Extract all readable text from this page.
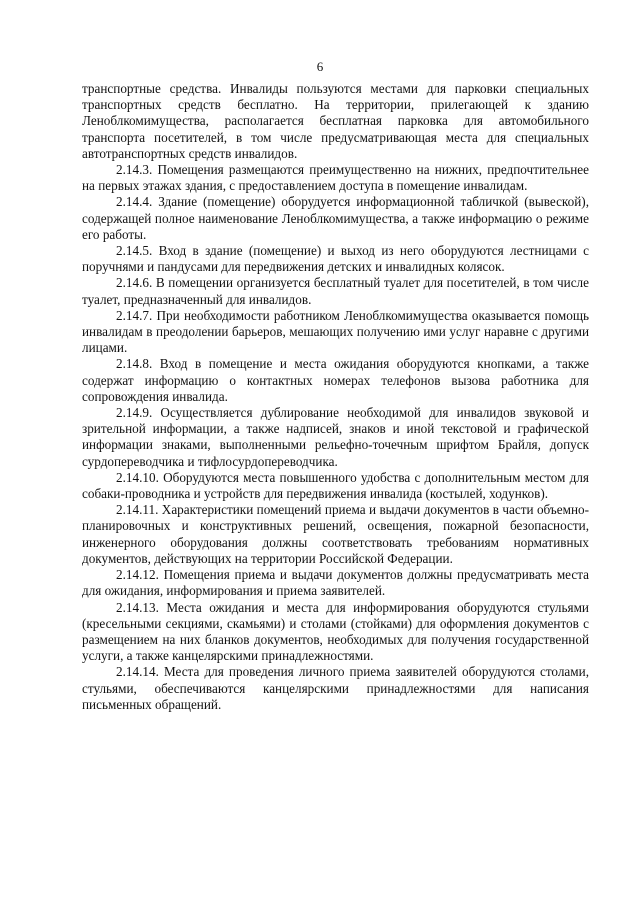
6

транспортные средства. Инвалиды пользуются местами для парковки специальных транспортных средств бесплатно. На территории, прилегающей к зданию Леноблкомимущества, располагается бесплатная парковка для автомобильного транспорта посетителей, в том числе предусматривающая места для специальных автотранспортных средств инвалидов.

2.14.3. Помещения размещаются преимущественно на нижних, предпочтительнее на первых этажах здания, с предоставлением доступа в помещение инвалидам.

2.14.4. Здание (помещение) оборудуется информационной табличкой (вывеской), содержащей полное наименование Леноблкомимущества, а также информацию о режиме его работы.

2.14.5. Вход в здание (помещение) и выход из него оборудуются лестницами с поручнями и пандусами для передвижения детских и инвалидных колясок.

2.14.6. В помещении организуется бесплатный туалет для посетителей, в том числе туалет, предназначенный для инвалидов.

2.14.7. При необходимости работником Леноблкомимущества оказывается помощь инвалидам в преодолении барьеров, мешающих получению ими услуг наравне с другими лицами.

2.14.8. Вход в помещение и места ожидания оборудуются кнопками, а также содержат информацию о контактных номерах телефонов вызова работника для сопровождения инвалида.

2.14.9. Осуществляется дублирование необходимой для инвалидов звуковой и зрительной информации, а также надписей, знаков и иной текстовой и графической информации знаками, выполненными рельефно-точечным шрифтом Брайля, допуск сурдопереводчика и тифлосурдопереводчика.

2.14.10. Оборудуются места повышенного удобства с дополнительным местом для собаки-проводника и устройств для передвижения инвалида (костылей, ходунков).

2.14.11. Характеристики помещений приема и выдачи документов в части объемно-планировочных и конструктивных решений, освещения, пожарной безопасности, инженерного оборудования должны соответствовать требованиям нормативных документов, действующих на территории Российской Федерации.

2.14.12. Помещения приема и выдачи документов должны предусматривать места для ожидания, информирования и приема заявителей.

2.14.13. Места ожидания и места для информирования оборудуются стульями (кресельными секциями, скамьями) и столами (стойками) для оформления документов с размещением на них бланков документов, необходимых для получения государственной услуги, а также канцелярскими принадлежностями.

2.14.14. Места для проведения личного приема заявителей оборудуются столами, стульями, обеспечиваются канцелярскими принадлежностями для написания письменных обращений.
